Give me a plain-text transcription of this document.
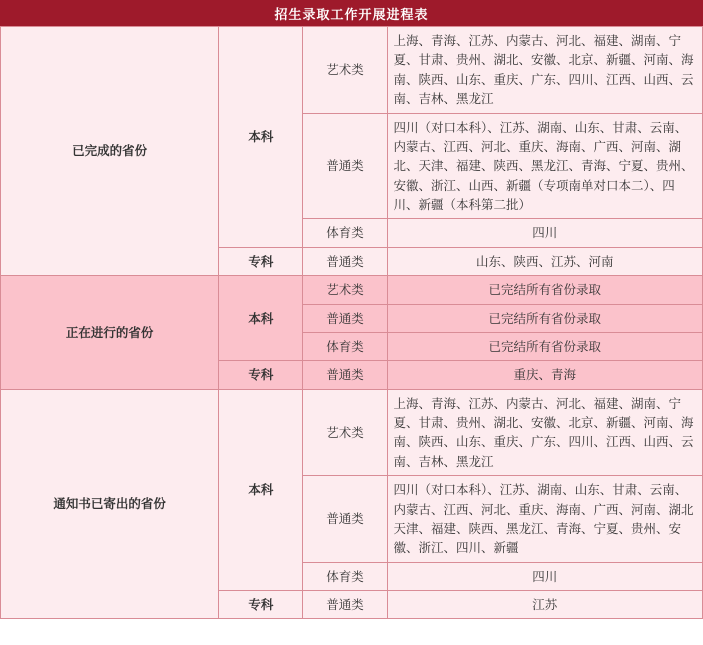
招生录取工作开展进程表
已完成的省份	本科	艺术类	上海、青海、江苏、内蒙古、河北、福建、湖南、宁夏、甘肃、贵州、湖北、安徽、北京、新疆、河南、海南、陕西、山东、重庆、广东、四川、江西、山西、云南、吉林、黑龙江
		普通类	四川（对口本科）、江苏、湖南、山东、甘肃、云南、内蒙古、江西、河北、重庆、海南、广西、河南、湖北、天津、福建、陕西、黑龙江、青海、宁夏、贵州、安徽、浙江、山西、新疆（专项南单对口本二）、四川、新疆（本科第二批）
		体育类	四川
	专科	普通类	山东、陕西、江苏、河南
正在进行的省份	本科	艺术类	已完结所有省份录取
		普通类	已完结所有省份录取
		体育类	已完结所有省份录取
	专科	普通类	重庆、青海
通知书已寄出的省份	本科	艺术类	上海、青海、江苏、内蒙古、河北、福建、湖南、宁夏、甘肃、贵州、湖北、安徽、北京、新疆、河南、海南、陕西、山东、重庆、广东、四川、江西、山西、云南、吉林、黑龙江
		普通类	四川（对口本科）、江苏、湖南、山东、甘肃、云南、内蒙古、江西、河北、重庆、海南、广西、河南、湖北天津、福建、陕西、黑龙江、青海、宁夏、贵州、安徽、浙江、四川、新疆
		体育类	四川
	专科	普通类	江苏
